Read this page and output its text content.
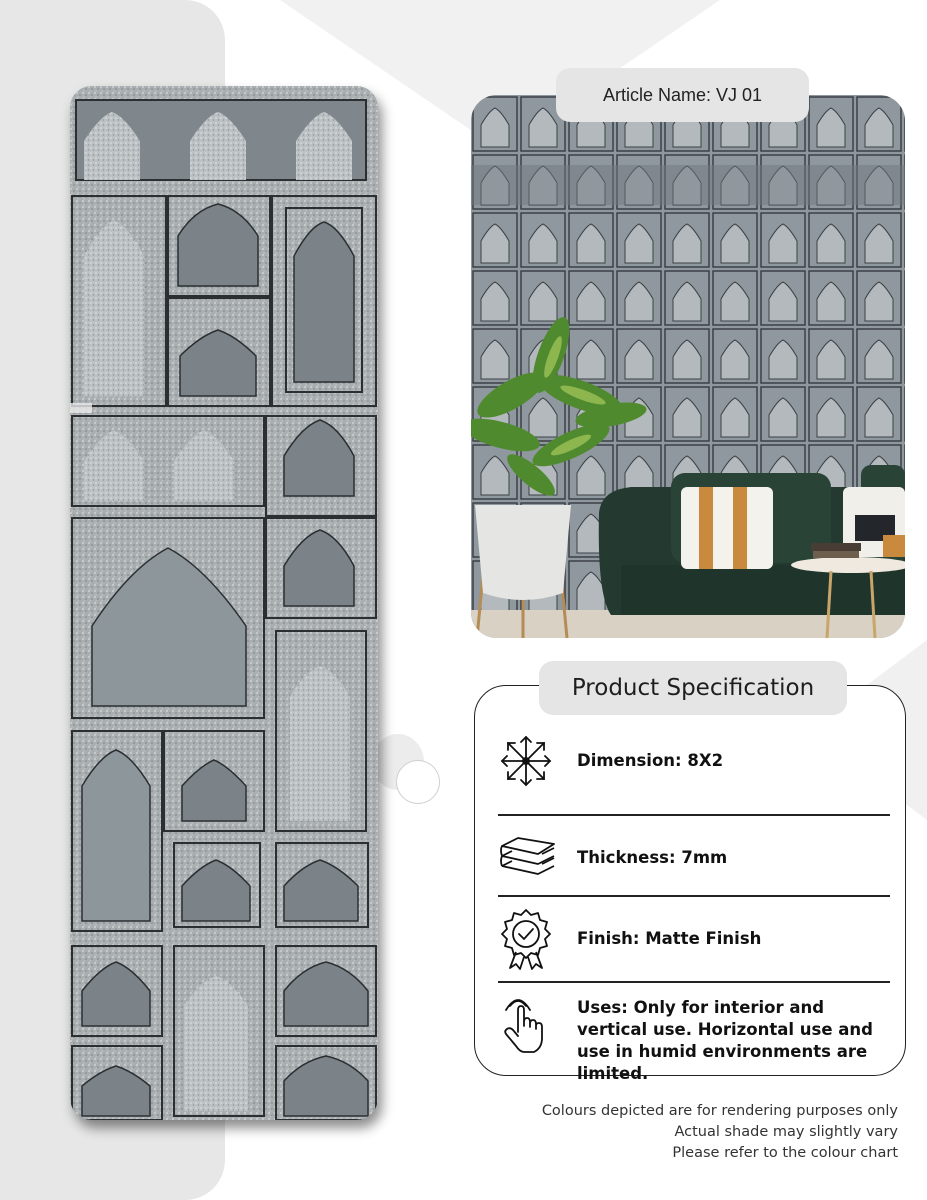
Article Name: VJ 01
Product Specification
Dimension: 8X2
Thickness: 7mm
Finish: Matte Finish
Uses: Only for interior and vertical use. Horizontal use and use in humid environments are limited.
Colours depicted are for rendering purposes only
Actual shade may slightly vary
Please refer to the colour chart
